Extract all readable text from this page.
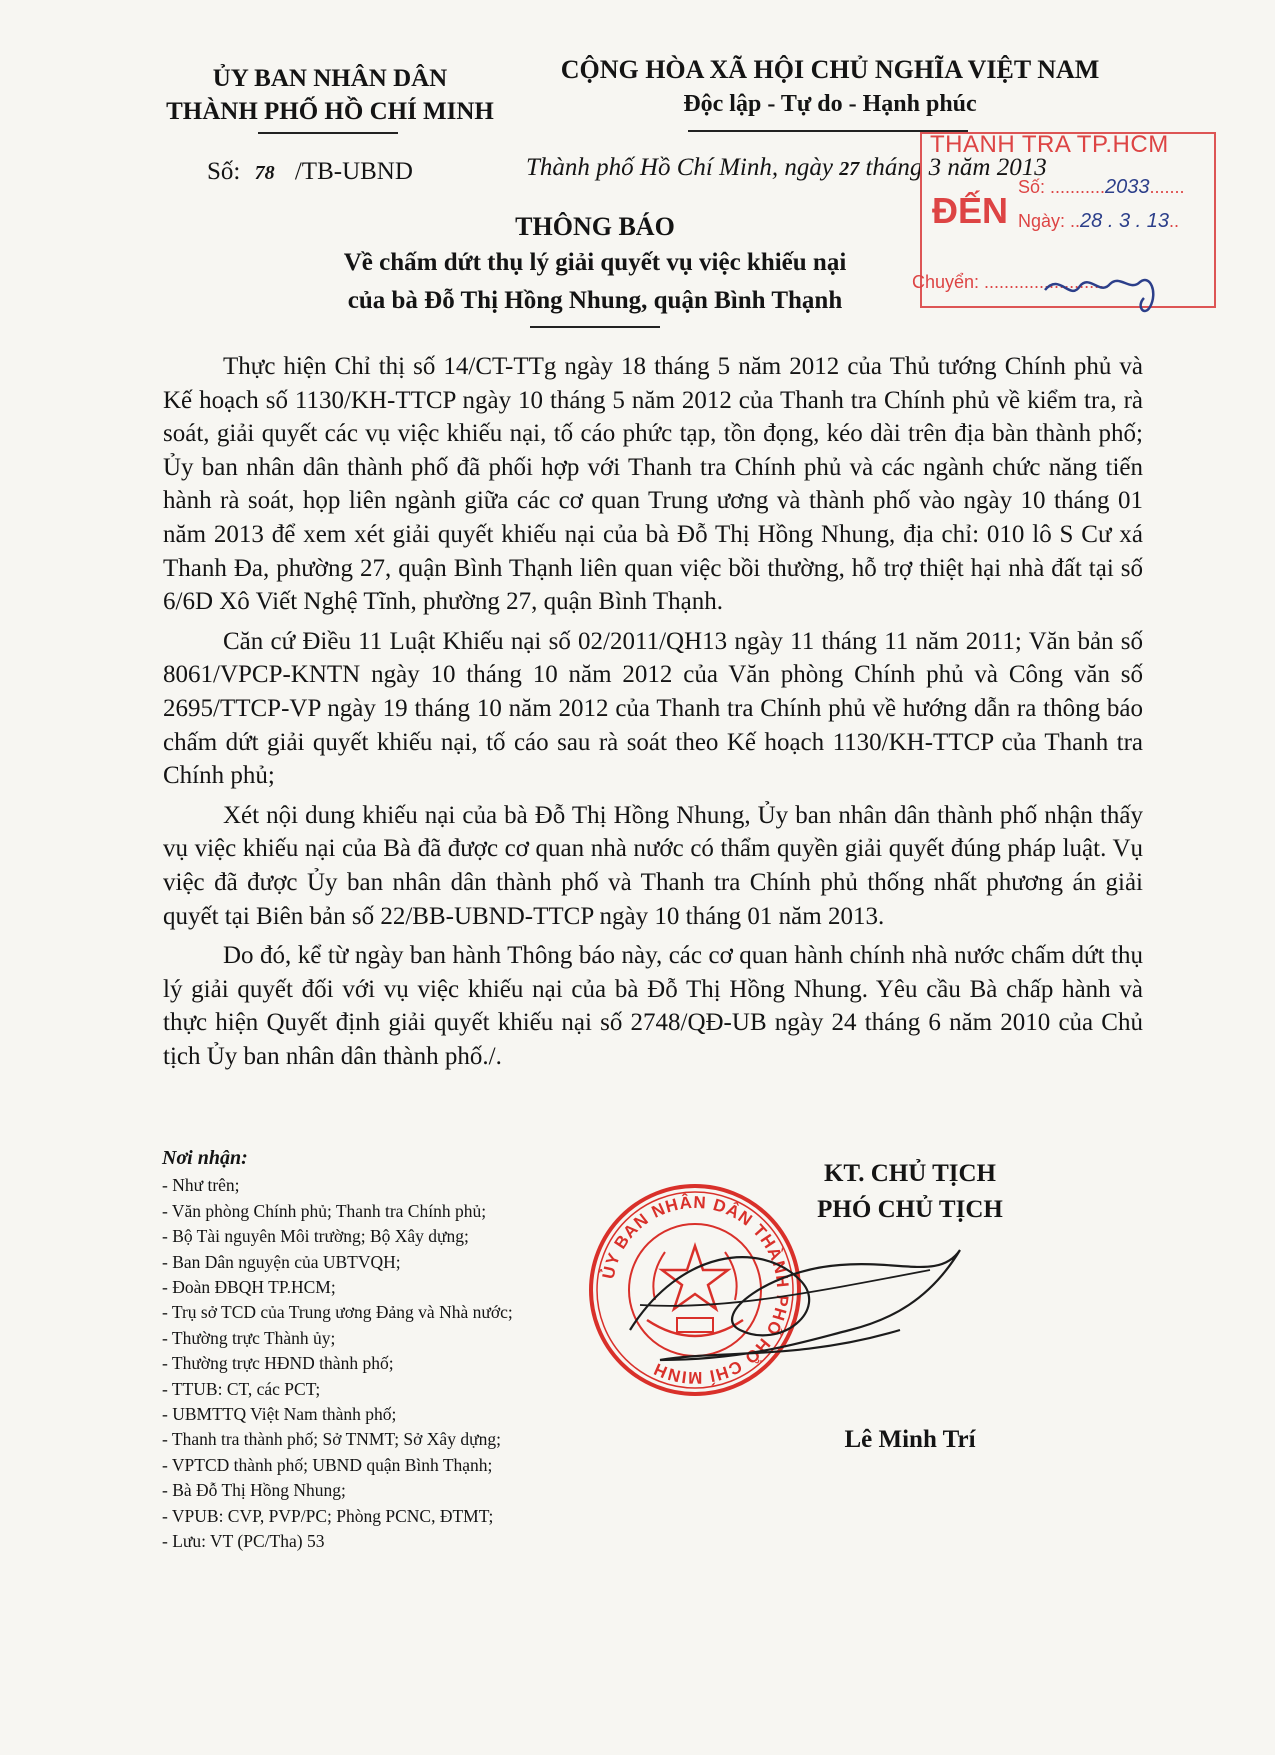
ỦY BAN NHÂN DÂN
THÀNH PHỐ HỒ CHÍ MINH
CỘNG HÒA XÃ HỘI CHỦ NGHĨA VIỆT NAM
Độc lập - Tự do - Hạnh phúc
Số: 78 /TB-UBND	Thành phố Hồ Chí Minh, ngày 27 tháng 3 năm 2013
THÔNG BÁO
Về chấm dứt thụ lý giải quyết vụ việc khiếu nại
của bà Đỗ Thị Hồng Nhung, quận Bình Thạnh

Thực hiện Chỉ thị số 14/CT-TTg ngày 18 tháng 5 năm 2012 của Thủ tướng Chính phủ và Kế hoạch số 1130/KH-TTCP ngày 10 tháng 5 năm 2012 của Thanh tra Chính phủ về kiểm tra, rà soát, giải quyết các vụ việc khiếu nại, tố cáo phức tạp, tồn đọng, kéo dài trên địa bàn thành phố; Ủy ban nhân dân thành phố đã phối hợp với Thanh tra Chính phủ và các ngành chức năng tiến hành rà soát, họp liên ngành giữa các cơ quan Trung ương và thành phố vào ngày 10 tháng 01 năm 2013 để xem xét giải quyết khiếu nại của bà Đỗ Thị Hồng Nhung, địa chỉ: 010 lô S Cư xá Thanh Đa, phường 27, quận Bình Thạnh liên quan việc bồi thường, hỗ trợ thiệt hại nhà đất tại số 6/6D Xô Viết Nghệ Tĩnh, phường 27, quận Bình Thạnh.

Căn cứ Điều 11 Luật Khiếu nại số 02/2011/QH13 ngày 11 tháng 11 năm 2011; Văn bản số 8061/VPCP-KNTN ngày 10 tháng 10 năm 2012 của Văn phòng Chính phủ và Công văn số 2695/TTCP-VP ngày 19 tháng 10 năm 2012 của Thanh tra Chính phủ về hướng dẫn ra thông báo chấm dứt giải quyết khiếu nại, tố cáo sau rà soát theo Kế hoạch 1130/KH-TTCP của Thanh tra Chính phủ;

Xét nội dung khiếu nại của bà Đỗ Thị Hồng Nhung, Ủy ban nhân dân thành phố nhận thấy vụ việc khiếu nại của Bà đã được cơ quan nhà nước có thẩm quyền giải quyết đúng pháp luật. Vụ việc đã được Ủy ban nhân dân thành phố và Thanh tra Chính phủ thống nhất phương án giải quyết tại Biên bản số 22/BB-UBND-TTCP ngày 10 tháng 01 năm 2013.

Do đó, kể từ ngày ban hành Thông báo này, các cơ quan hành chính nhà nước chấm dứt thụ lý giải quyết đối với vụ việc khiếu nại của bà Đỗ Thị Hồng Nhung. Yêu cầu Bà chấp hành và thực hiện Quyết định giải quyết khiếu nại số 2748/QĐ-UB ngày 24 tháng 6 năm 2010 của Chủ tịch Ủy ban nhân dân thành phố./.

Nơi nhận:
- Như trên;
- Văn phòng Chính phủ; Thanh tra Chính phủ;
- Bộ Tài nguyên Môi trường; Bộ Xây dựng;
- Ban Dân nguyện của UBTVQH;
- Đoàn ĐBQH TP.HCM;
- Trụ sở TCD của Trung ương Đảng và Nhà nước;
- Thường trực Thành ủy;
- Thường trực HĐND thành phố;
- TTUB: CT, các PCT;
- UBMTTQ Việt Nam thành phố;
- Thanh tra thành phố; Sở TNMT; Sở Xây dựng;
- VPTCD thành phố; UBND quận Bình Thạnh;
- Bà Đỗ Thị Hồng Nhung;
- VPUB: CVP, PVP/PC; Phòng PCNC, ĐTMT;
- Lưu: VT (PC/Tha) 53
KT. CHỦ TỊCH
PHÓ CHỦ TỊCH
ỦY BAN NHÂN DÂN THÀNH PHỐ HỒ CHÍ MINH
Lê Minh Trí
THANH TRA TP.HCM
ĐẾN
Số: ...........2033.......
Ngày: ..28 . 3 . 13..
Chuyển: .........................
